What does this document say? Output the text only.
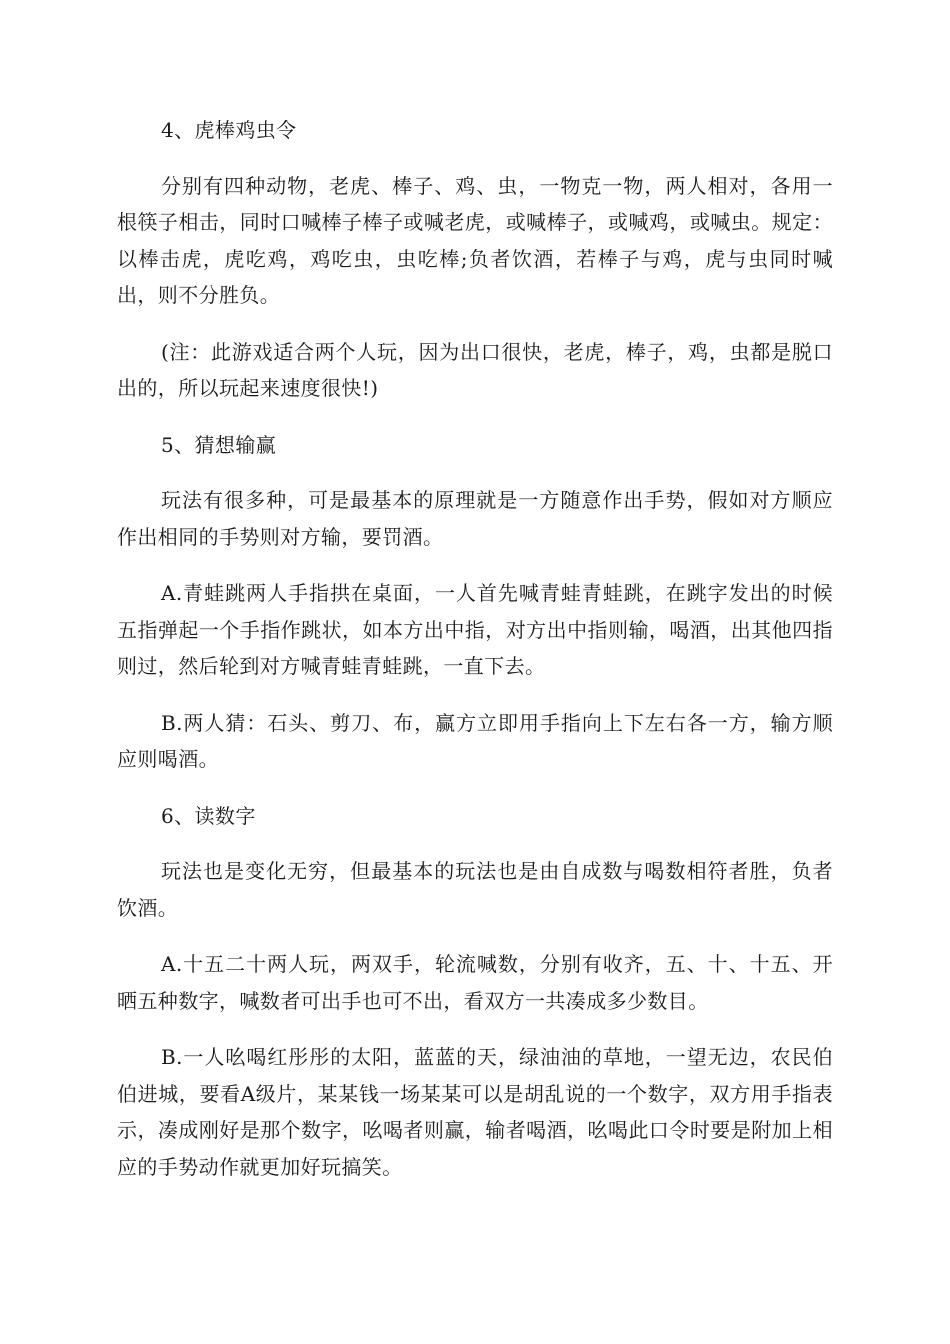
4、虎棒鸡虫令

分别有四种动物，老虎、棒子、鸡、虫，一物克一物，两人相对，各用一根筷子相击，同时口喊棒子棒子或喊老虎，或喊棒子，或喊鸡，或喊虫。规定：以棒击虎，虎吃鸡，鸡吃虫，虫吃棒;负者饮酒，若棒子与鸡，虎与虫同时喊出，则不分胜负。

(注：此游戏适合两个人玩，因为出口很快，老虎，棒子，鸡，虫都是脱口出的，所以玩起来速度很快!)

5、猜想输赢

玩法有很多种，可是最基本的原理就是一方随意作出手势，假如对方顺应作出相同的手势则对方输，要罚酒。

A.青蛙跳两人手指拱在桌面，一人首先喊青蛙青蛙跳，在跳字发出的时候五指弹起一个手指作跳状，如本方出中指，对方出中指则输，喝酒，出其他四指则过，然后轮到对方喊青蛙青蛙跳，一直下去。

B.两人猜：石头、剪刀、布，赢方立即用手指向上下左右各一方，输方顺应则喝酒。

6、读数字

玩法也是变化无穷，但最基本的玩法也是由自成数与喝数相符者胜，负者饮酒。

A.十五二十两人玩，两双手，轮流喊数，分别有收齐，五、十、十五、开晒五种数字，喊数者可出手也可不出，看双方一共凑成多少数目。

B.一人吆喝红彤彤的太阳，蓝蓝的天，绿油油的草地，一望无边，农民伯伯进城，要看A级片，某某钱一场某某可以是胡乱说的一个数字，双方用手指表示，凑成刚好是那个数字，吆喝者则赢，输者喝酒，吆喝此口令时要是附加上相应的手势动作就更加好玩搞笑。
